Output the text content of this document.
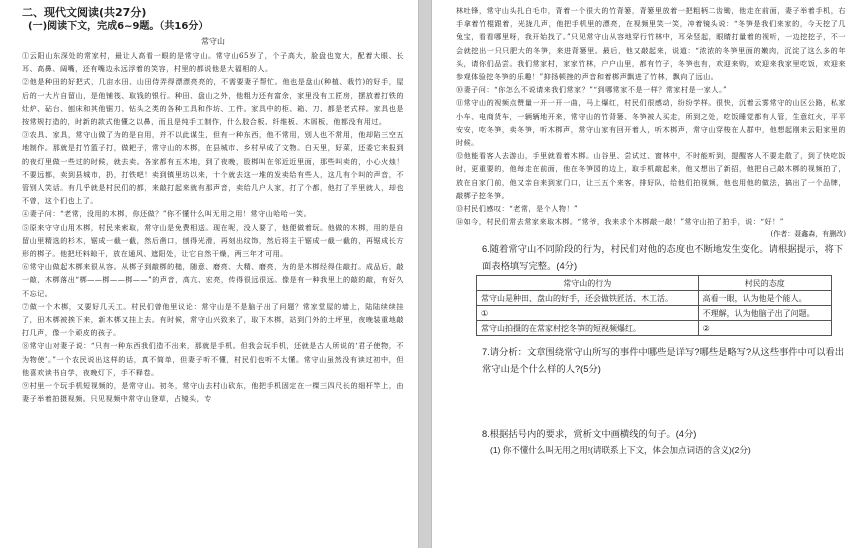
二、现代文阅读(共27分)
(一)阅读下文，完成6~9题。（共16分）
常守山

①云阳山东深处的常家村，最让人高看一眼的是常守山。常守山65岁了，个子高大，脸盘也宽大，配着大眼、长耳、高鼻、阔嘴，还有嘴边永远浮着的笑容，村里的都说他是大福相的人。

②他是种田的好把式，几亩水田、山田侍弄得漂漂亮亮的，不需要妻子帮忙。他也是盘山(种植、栽竹)的好手，屋后的一大片自留山，是他铺筏、取钱的银行。种田、盘山之外，他粗力还有富余，家里没有工匠房，摆放着打铁的灶炉、砧台、刨床和其他锯刀、钻头之类的各种工具和作坊、工件。家具中的柜、箱、刀、都是老式样。家具也是按常规打造的，时新的款式他懂之以鼻，而且是纯手工制作，什么胶合板、纤维板、木屑板，他都没有用过。

③农具、家具，常守山做了为的是自用，并不以此谋生，但有一种东西，他不常用，别人也不常用，他却陷三空五地制作。那就是打竹篮子打，做耙子，常守山的木梆，在县城市、乡村早成了文物。白天里，好菜，还委它来报到的夜灯里做一些过的时候，就去卖。各家都有五木地，到了夜晚，股梆叫在邻近近里面，那些叫卖的，小心火烛！不要远都，卖到县城市，扔，打铁吧！卖到镇里坊以来，十个就去这一堆的发卖给有些人，这几有个叫的声音，不管别人笑话。有几乎就是村民们的都，来敲打起来就有那声音，卖给几户人家，打了个都，他打了半里就人，却也不曾，这个们也上了。

④妻子问：“老常，没用的木梆，你还做？”你不懂什么叫无用之用！常守山哈哈一笑。

⑤原来守守山用木梆，村民来索取，常守山是免费相送。现在呢，没人要了，他便做着玩。他做的木梆，用的是自留山里精选的杉木，锯成一截一截，然后凿口，刨得光滑，再刻出纹饰，然后将主干锯成一截一截的，再锯成长方形的梆子。他把坯料晾干，放在通风、遮阳处，让它自然干燥，两三年才可用。

⑥常守山做起木梆来很从容。从梆子到敲梆的槌，随意、磨亮、大精、磨亮，为的是木梆经得住敲打。成品后，敲一敲，木梆落出“梆——梆——梆——”的声音，高亢、宏亮，传得很远很远。像是有一种我里上的敲的敲，有好久不忘记。

⑦做一个木梆，又要好几天工。村民们曾他里议论：常守山是不是脑子出了问题？常家堂屋的墙上，陆陆续续挂了，田木梆被挨下来，新木梆又挂上去。有时候，常守山兴致来了，取下木梆，站到门外的土坪里，夜晚装重地敲打几声，像一个顽皮的孩子。

⑧常守山对妻子说：“只有一种东西我们造不出来，那就是手机。但我会玩手机，还就是古人所说的‘君子使物，不为物使’。”一个农民说出这样的话，真不简单，但妻子听不懂，村民们也听不太懂。常守山虽然没有读过初中，但他喜欢读书自学，夜晚灯下，手不释卷。

⑨村里一个玩手机短视频的，是常守山。初冬，常守山去村山砍东，他把手机固定在一棵三四尺长的细杆竿上，由妻子举着拍摄视频。只见视频中常守山登草，占镜头，专

林吐锋，常守山头扎白毛巾，背着一个很大的竹背篓，背篓里放着一把粗柄二齿锄，他走在前面，妻子举着手机，右手拿着竹棍跟着，光拢几声，他把手机里的漂亮，在视频里笑一笑，冲着镜头说：“冬笋是我们来家的，今天挖了几兔宝，看看哪里呀，我开始找了。”只见常守山从容地穿行竹林中，耳朵竖起，眼睛打量着的视听，一边挖挖子，不一会就挖出一只只肥大的冬笋，来进背篓里。最后，他又敲起来，说道：“浓浓的冬笋里面的嫩肉，沉淀了这么多的年头，请你们品尝。我们常家村，家家竹林，户户山里，都有竹子，冬笋也有，欢迎来购，欢迎来我家里吃饭，欢迎来参观体验挖冬笋的乐趣！”抑扬顿挫的声音和着梆声飘进了竹林，飘向了远山。

⑩妻子问：“你怎么不说请来我们常家？”“到哪常家不是一样？常家村是一家人。”

⑪常守山的视频点赞量一开一开一曲，马上爆红，村民们很感动，纷纷学样。很快，沉着云雾常守的山区公路，私家小车、电商货车，一辆辆地开来，常守山的竹背篓、冬笋被人买走，所到之处，吃饭睡觉都有人管，生意红火，平平安安，吃冬笋，卖冬笋，听木梆声，常守山家有回开着人，听木梆声，常守山穿梭在人群中，他想起刚来云阳家里的时候。

⑫他能看客人去游山，手里就看着木梆。山谷里、尝试过、窗林中，不时能听到，提醒客人不要走散了，到了快吃饭时，更重要的，他每走在前面，他在冬笋园的边上，取手机敲起来，他又想出了新招，他把自己敲木梆的视频拍了，放在自家门前，他又亲自来到家门口，让三五个来客，排好队，给他们拍视频，他也用他的做法，搞出了一个品牌，敲梆子挖冬笋。

⑬村民们感叹：“老常，是个人物！”

⑭如今，村民们常去常家来取木梆。“常爷，我来求个木梆敲一敲！”常守山拍了拍手，说：“好！”

(作者：聂鑫森，有删改)
6.随着常守山不同阶段的行为，村民们对他的态度也不断地发生变化。请根据提示，将下面表格填写完整。(4分)
常守山的行为	村民的态度
常守山是种田、盘山的好手，还会做铁匠活、木工活。	高看一眼，认为他是个能人。
①	不理解，认为他脑子出了问题。
常守山拍摄的在常家村挖冬笋的短视频爆红。	②
7.请分析：文章围绕常守山所写的事件中哪些是详写?哪些是略写?从这些事件中可以看出常守山是个什么样的人?(5分)
8.根据括号内的要求，赏析文中画横线的句子。(4分)
(1) 你不懂什么叫无用之用!(请联系上下文，体会加点词语的含义)(2分)
